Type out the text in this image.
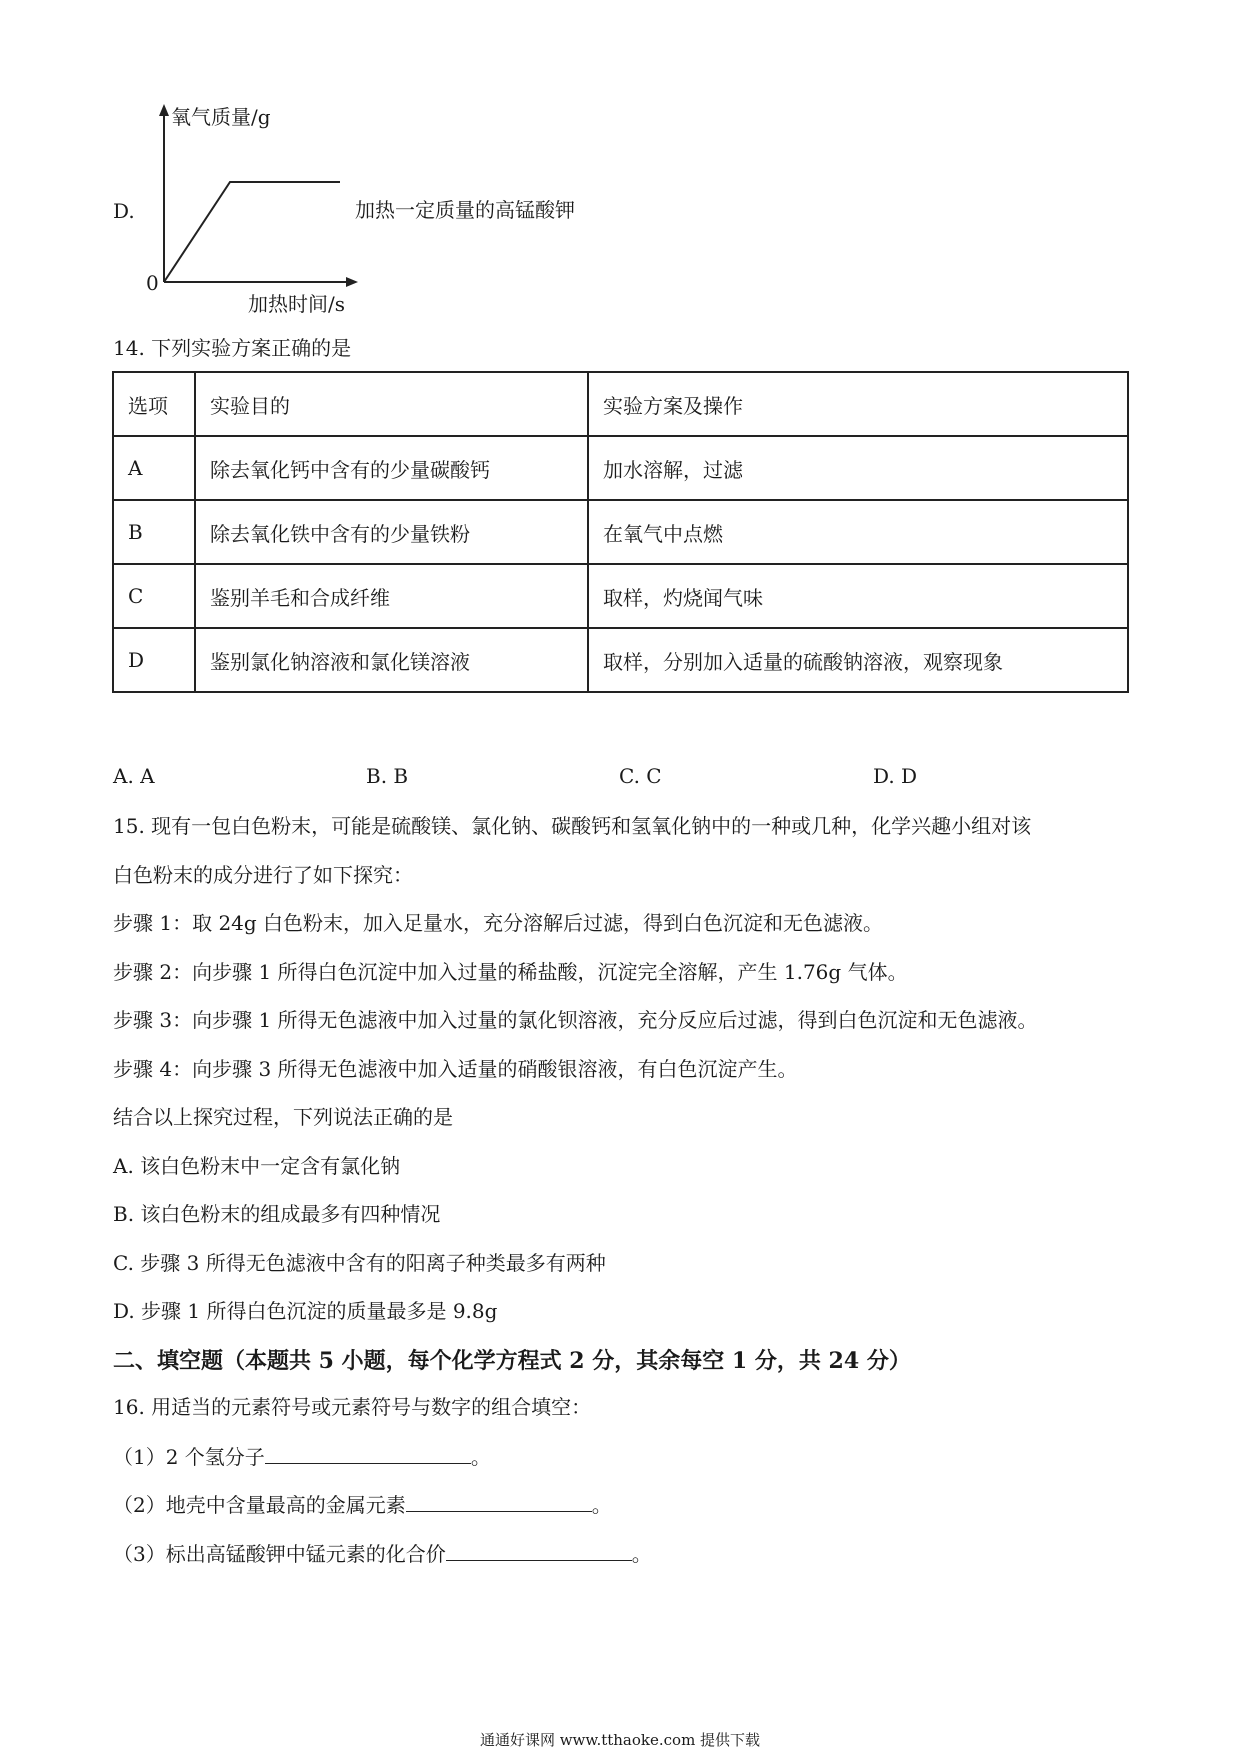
D.
氧气质量/g
0
加热时间/s
加热一定质量的高锰酸钾
14. 下列实验方案正确的是
选项	实验目的	实验方案及操作
A	除去氧化钙中含有的少量碳酸钙	加水溶解，过滤
B	除去氧化铁中含有的少量铁粉	在氧气中点燃
C	鉴别羊毛和合成纤维	取样，灼烧闻气味
D	鉴别氯化钠溶液和氯化镁溶液	取样，分别加入适量的硫酸钠溶液，观察现象
A. A	B. B	C. C	D. D
15. 现有一包白色粉末，可能是硫酸镁、氯化钠、碳酸钙和氢氧化钠中的一种或几种，化学兴趣小组对该
白色粉末的成分进行了如下探究：
步骤 1：取 24g 白色粉末，加入足量水，充分溶解后过滤，得到白色沉淀和无色滤液。
步骤 2：向步骤 1 所得白色沉淀中加入过量的稀盐酸，沉淀完全溶解，产生 1.76g 气体。
步骤 3：向步骤 1 所得无色滤液中加入过量的氯化钡溶液，充分反应后过滤，得到白色沉淀和无色滤液。
步骤 4：向步骤 3 所得无色滤液中加入适量的硝酸银溶液，有白色沉淀产生。
结合以上探究过程，下列说法正确的是
A. 该白色粉末中一定含有氯化钠
B. 该白色粉末的组成最多有四种情况
C. 步骤 3 所得无色滤液中含有的阳离子种类最多有两种
D. 步骤 1 所得白色沉淀的质量最多是 9.8g
二、填空题（本题共 5 小题，每个化学方程式 2 分，其余每空 1 分，共 24 分）
16. 用适当的元素符号或元素符号与数字的组合填空：
（1）2 个氢分子	。
（2）地壳中含量最高的金属元素	。
（3）标出高锰酸钾中锰元素的化合价	。
通通好课网 www.tthaoke.com 提供下载
